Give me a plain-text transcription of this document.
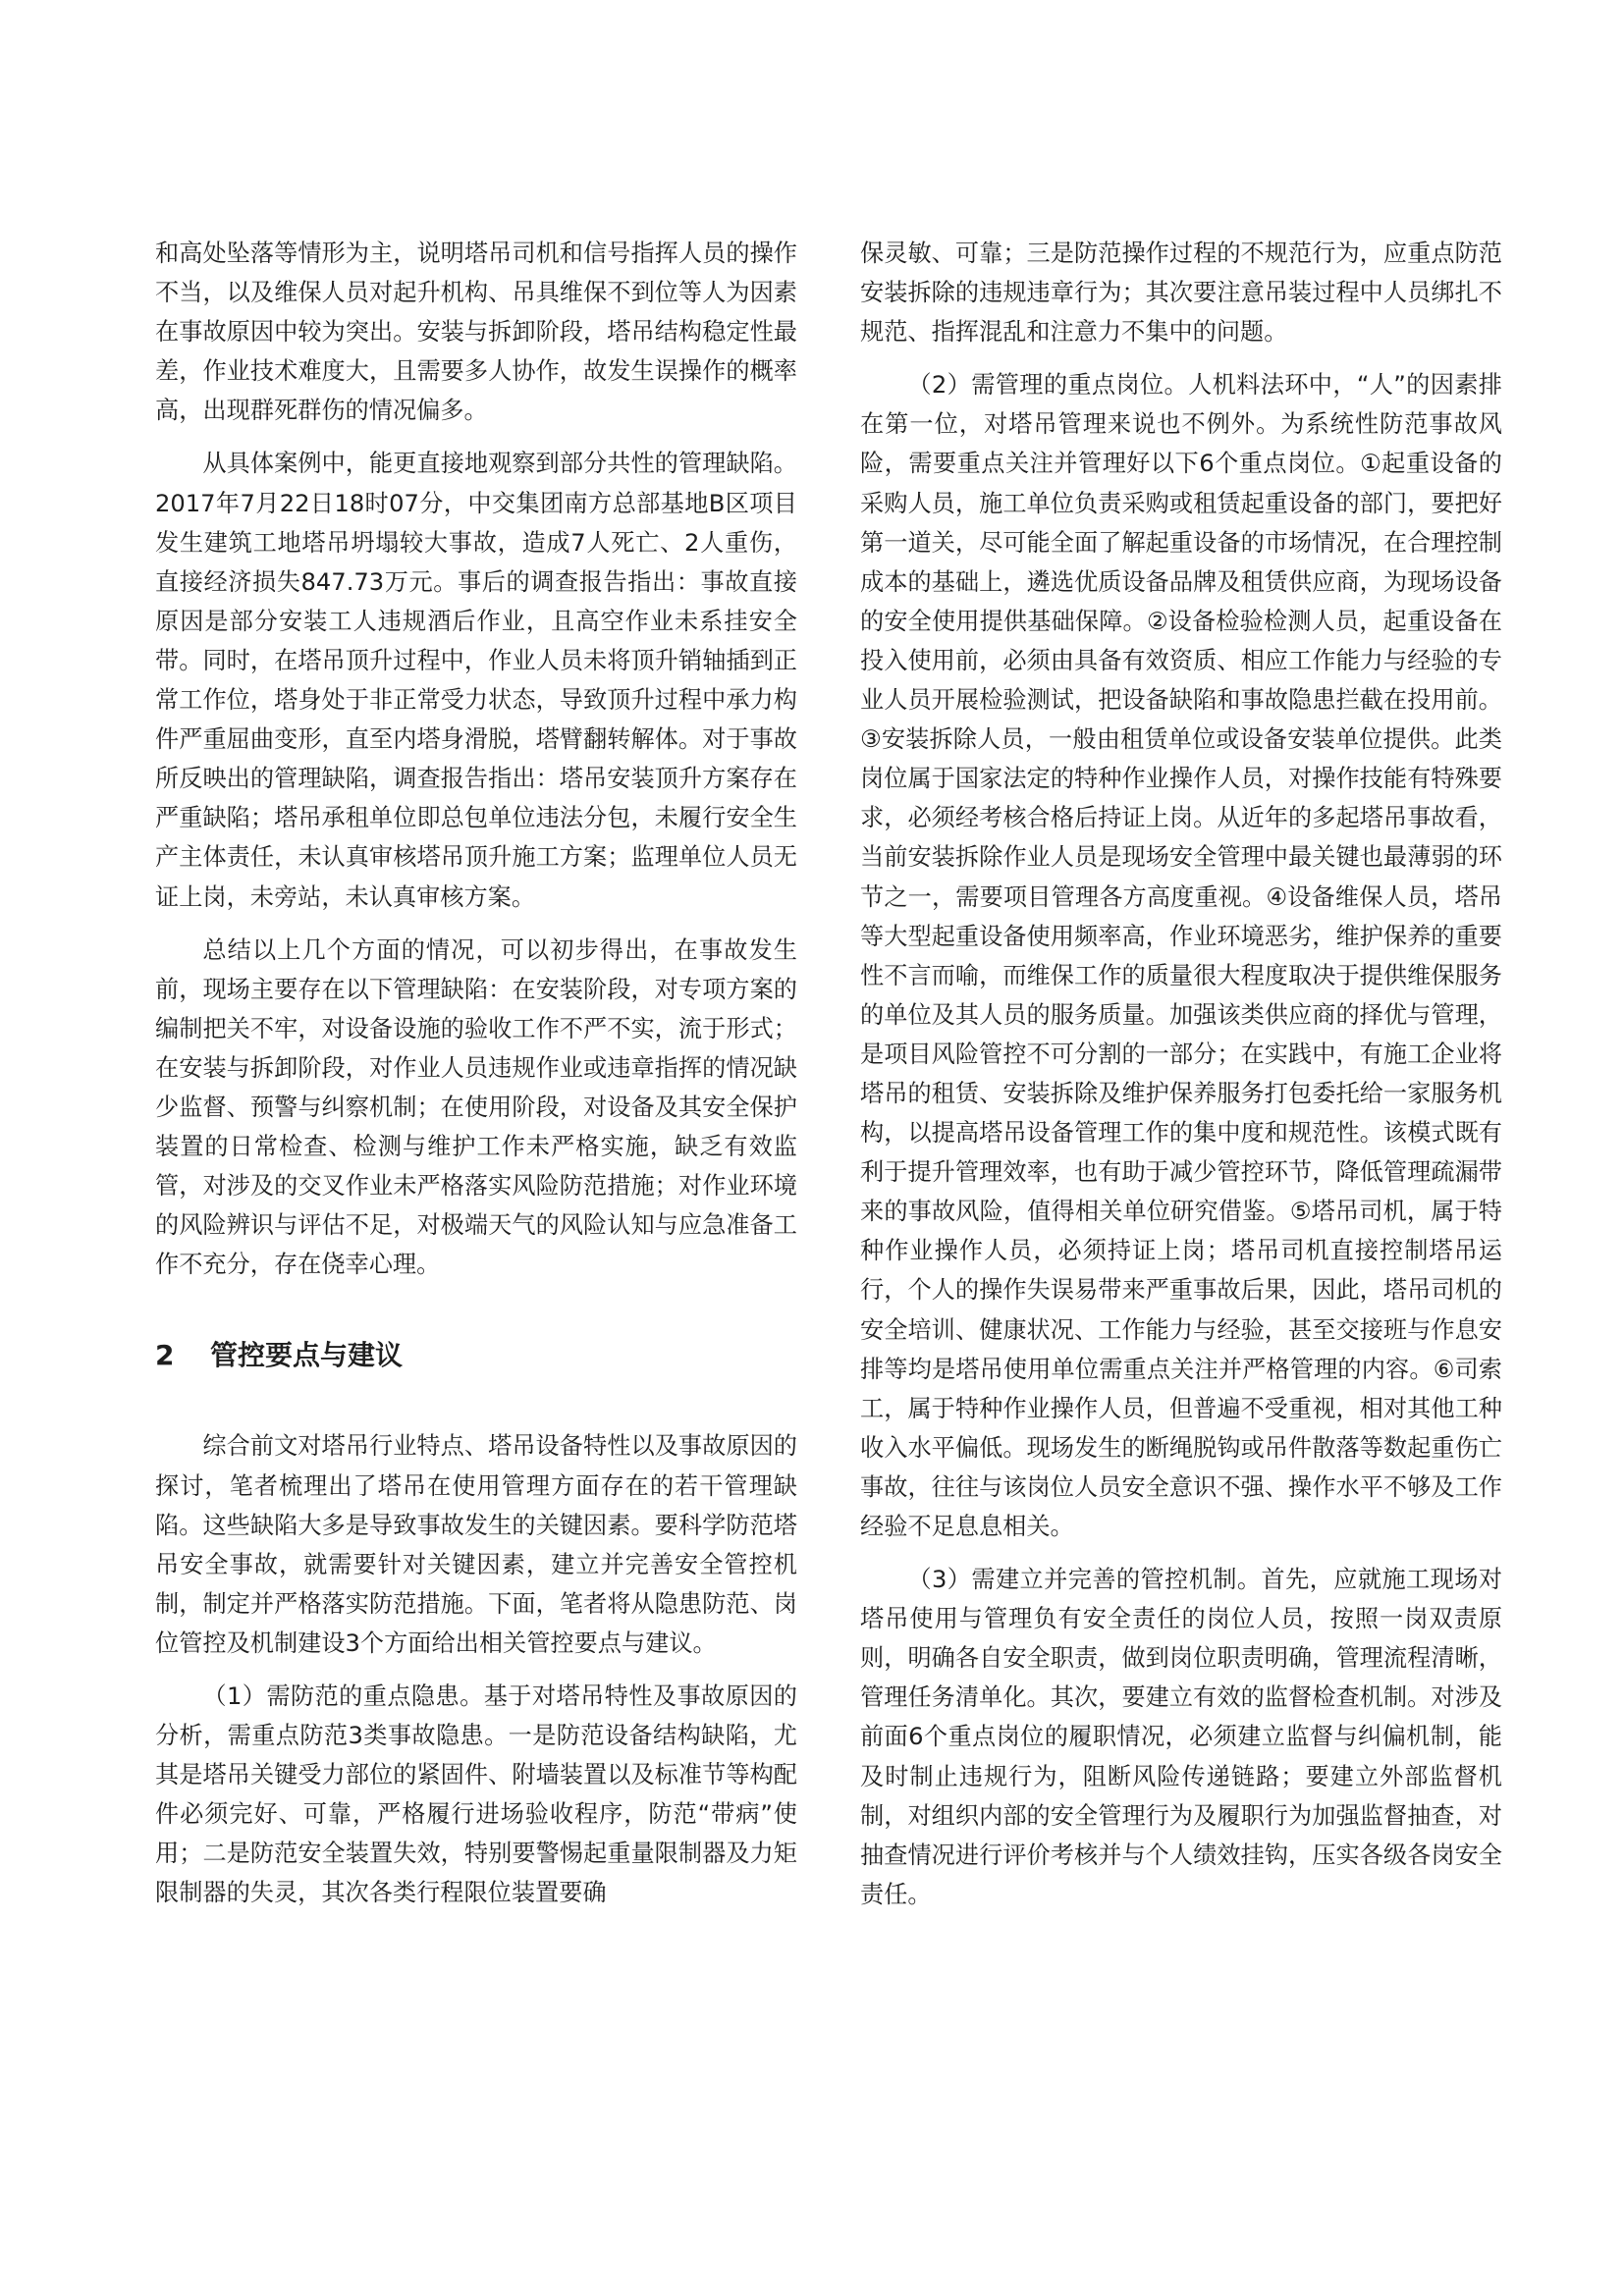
和高处坠落等情形为主，说明塔吊司机和信号指挥人员的操作不当，以及维保人员对起升机构、吊具维保不到位等人为因素在事故原因中较为突出。安装与拆卸阶段，塔吊结构稳定性最差，作业技术难度大，且需要多人协作，故发生误操作的概率高，出现群死群伤的情况偏多。

从具体案例中，能更直接地观察到部分共性的管理缺陷。2017年7月22日18时07分，中交集团南方总部基地B区项目发生建筑工地塔吊坍塌较大事故，造成7人死亡、2人重伤，直接经济损失847.73万元。事后的调查报告指出：事故直接原因是部分安装工人违规酒后作业，且高空作业未系挂安全带。同时，在塔吊顶升过程中，作业人员未将顶升销轴插到正常工作位，塔身处于非正常受力状态，导致顶升过程中承力构件严重屈曲变形，直至内塔身滑脱，塔臂翻转解体。对于事故所反映出的管理缺陷，调查报告指出：塔吊安装顶升方案存在严重缺陷；塔吊承租单位即总包单位违法分包，未履行安全生产主体责任，未认真审核塔吊顶升施工方案；监理单位人员无证上岗，未旁站，未认真审核方案。

总结以上几个方面的情况，可以初步得出，在事故发生前，现场主要存在以下管理缺陷：在安装阶段，对专项方案的编制把关不牢，对设备设施的验收工作不严不实，流于形式；在安装与拆卸阶段，对作业人员违规作业或违章指挥的情况缺少监督、预警与纠察机制；在使用阶段，对设备及其安全保护装置的日常检查、检测与维护工作未严格实施，缺乏有效监管，对涉及的交叉作业未严格落实风险防范措施；对作业环境的风险辨识与评估不足，对极端天气的风险认知与应急准备工作不充分，存在侥幸心理。

2 管控要点与建议

综合前文对塔吊行业特点、塔吊设备特性以及事故原因的探讨，笔者梳理出了塔吊在使用管理方面存在的若干管理缺陷。这些缺陷大多是导致事故发生的关键因素。要科学防范塔吊安全事故，就需要针对关键因素，建立并完善安全管控机制，制定并严格落实防范措施。下面，笔者将从隐患防范、岗位管控及机制建设3个方面给出相关管控要点与建议。

（1）需防范的重点隐患。基于对塔吊特性及事故原因的分析，需重点防范3类事故隐患。一是防范设备结构缺陷，尤其是塔吊关键受力部位的紧固件、附墙装置以及标准节等构配件必须完好、可靠，严格履行进场验收程序，防范“带病”使用；二是防范安全装置失效，特别要警惕起重量限制器及力矩限制器的失灵，其次各类行程限位装置要确

保灵敏、可靠；三是防范操作过程的不规范行为，应重点防范安装拆除的违规违章行为；其次要注意吊装过程中人员绑扎不规范、指挥混乱和注意力不集中的问题。

（2）需管理的重点岗位。人机料法环中，“人”的因素排在第一位，对塔吊管理来说也不例外。为系统性防范事故风险，需要重点关注并管理好以下6个重点岗位。①起重设备的采购人员，施工单位负责采购或租赁起重设备的部门，要把好第一道关，尽可能全面了解起重设备的市场情况，在合理控制成本的基础上，遴选优质设备品牌及租赁供应商，为现场设备的安全使用提供基础保障。②设备检验检测人员，起重设备在投入使用前，必须由具备有效资质、相应工作能力与经验的专业人员开展检验测试，把设备缺陷和事故隐患拦截在投用前。③安装拆除人员，一般由租赁单位或设备安装单位提供。此类岗位属于国家法定的特种作业操作人员，对操作技能有特殊要求，必须经考核合格后持证上岗。从近年的多起塔吊事故看，当前安装拆除作业人员是现场安全管理中最关键也最薄弱的环节之一，需要项目管理各方高度重视。④设备维保人员，塔吊等大型起重设备使用频率高，作业环境恶劣，维护保养的重要性不言而喻，而维保工作的质量很大程度取决于提供维保服务的单位及其人员的服务质量。加强该类供应商的择优与管理，是项目风险管控不可分割的一部分；在实践中，有施工企业将塔吊的租赁、安装拆除及维护保养服务打包委托给一家服务机构，以提高塔吊设备管理工作的集中度和规范性。该模式既有利于提升管理效率，也有助于减少管控环节，降低管理疏漏带来的事故风险，值得相关单位研究借鉴。⑤塔吊司机，属于特种作业操作人员，必须持证上岗；塔吊司机直接控制塔吊运行，个人的操作失误易带来严重事故后果，因此，塔吊司机的安全培训、健康状况、工作能力与经验，甚至交接班与作息安排等均是塔吊使用单位需重点关注并严格管理的内容。⑥司索工，属于特种作业操作人员，但普遍不受重视，相对其他工种收入水平偏低。现场发生的断绳脱钩或吊件散落等数起重伤亡事故，往往与该岗位人员安全意识不强、操作水平不够及工作经验不足息息相关。

（3）需建立并完善的管控机制。首先，应就施工现场对塔吊使用与管理负有安全责任的岗位人员，按照一岗双责原则，明确各自安全职责，做到岗位职责明确，管理流程清晰，管理任务清单化。其次，要建立有效的监督检查机制。对涉及前面6个重点岗位的履职情况，必须建立监督与纠偏机制，能及时制止违规行为，阻断风险传递链路；要建立外部监督机制，对组织内部的安全管理行为及履职行为加强监督抽查，对抽查情况进行评价考核并与个人绩效挂钩，压实各级各岗安全责任。
